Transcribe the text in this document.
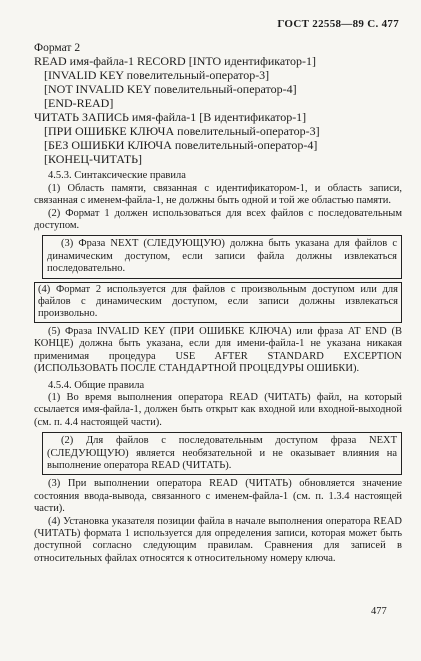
ГОСТ 22558—89 С. 477
Формат 2
READ имя-файла-1 RECORD [INTO идентификатор-1]
[INVALID KEY повелительный-оператор-3]
[NOT INVALID KEY повелительный-оператор-4]
[END-READ]
ЧИТАТЬ ЗАПИСЬ имя-файла-1 [В идентификатор-1]
[ПРИ ОШИБКЕ КЛЮЧА повелительный-оператор-3]
[БЕЗ ОШИБКИ КЛЮЧА повелительный-оператор-4]
[КОНЕЦ-ЧИТАТЬ]
4.5.3. Синтаксические правила

(1) Область памяти, связанная с идентификатором-1, и область записи, связанная с именем-файла-1, не должны быть одной и той же областью памяти.

(2) Формат 1 должен использоваться для всех файлов с последовательным доступом.

(3) Фраза NEXT (СЛЕДУЮЩУЮ) должна быть указана для файлов с динамическим доступом, если записи файла должны извлекаться последовательно.
(4) Формат 2 используется для файлов с произвольным доступом или для файлов с динамическим доступом, если записи должны извлекаться произвольно.

(5) Фраза INVALID KEY (ПРИ ОШИБКЕ КЛЮЧА) или фраза AT END (В КОНЦЕ) должна быть указана, если для имени-файла-1 не указана никакая применимая процедура USE AFTER STANDARD EXCEPTION (ИСПОЛЬЗОВАТЬ ПОСЛЕ СТАНДАРТНОЙ ПРОЦЕДУРЫ ОШИБКИ).

4.5.4. Общие правила

(1) Во время выполнения оператора READ (ЧИТАТЬ) файл, на который ссылается имя-файла-1, должен быть открыт как входной или входной-выходной (см. п. 4.4 настоящей части).

(2) Для файлов с последовательным доступом фраза NEXT (СЛЕДУЮЩУЮ) является необязательной и не оказывает влияния на выполнение оператора READ (ЧИТАТЬ).

(3) При выполнении оператора READ (ЧИТАТЬ) обновляется значение состояния ввода-вывода, связанного с именем-файла-1 (см. п. 1.3.4 настоящей части).

(4) Установка указателя позиции файла в начале выполнения оператора READ (ЧИТАТЬ) формата 1 используется для определения записи, которая может быть доступной согласно следующим правилам. Сравнения для записей в относительных файлах относятся к относительному номеру ключа.

477
